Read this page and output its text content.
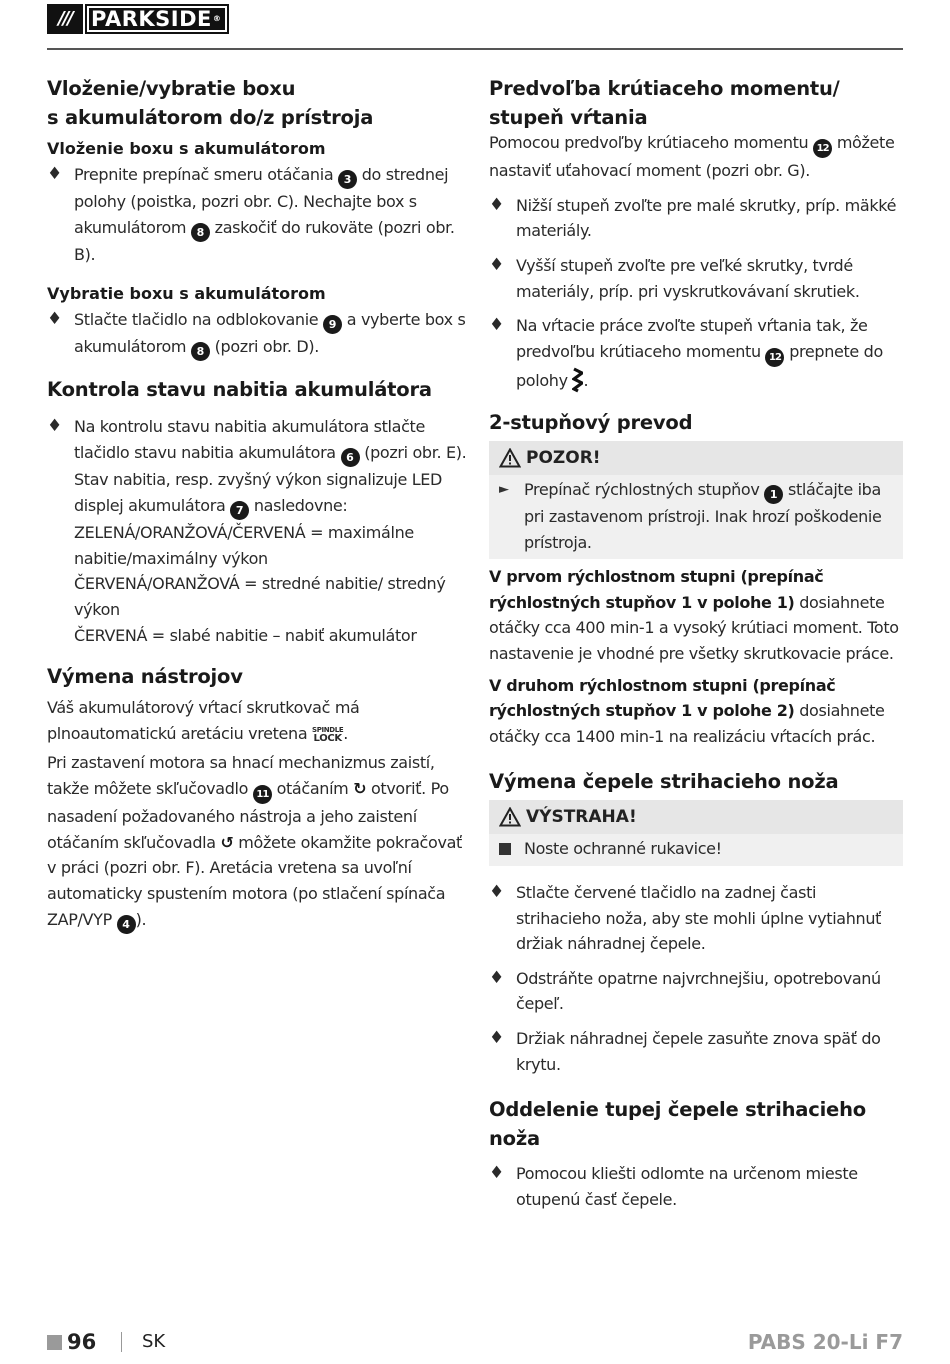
/// PARKSIDE®
Vloženie/vybratie boxu
s akumulátorom do/z prístroja
Vloženie boxu s akumulátorom
♦ Prepnite prepínač smeru otáčania 3 do strednej polohy (poistka, pozri obr. C). Nechajte box s akumulátorom 8 zaskočiť do rukoväte (pozri obr. B).
Vybratie boxu s akumulátorom
♦ Stlačte tlačidlo na odblokovanie 9 a vyberte box s akumulátorom 8 (pozri obr. D).
Kontrola stavu nabitia akumulátora
♦ Na kontrolu stavu nabitia akumulátora stlačte tlačidlo stavu nabitia akumulátora 6 (pozri obr. E). Stav nabitia, resp. zvyšný výkon signalizuje LED displej akumulátora 7 nasledovne:
ZELENÁ/ORANŽOVÁ/ČERVENÁ = maximálne nabitie/maximálny výkon
ČERVENÁ/ORANŽOVÁ = stredné nabitie/ stredný výkon
ČERVENÁ = slabé nabitie – nabiť akumulátor
Výmena nástrojov

Váš akumulátorový vŕtací skrutkovač má plnoautomatickú aretáciu vretena SPINDLE
LOCK .

Pri zastavení motora sa hnací mechanizmus zaistí, takže môžete skľučovadlo 11 otáčaním ↻ otvoriť. Po nasadení požadovaného nástroja a jeho zaistení otáčaním skľučovadla ↺ môžete okamžite pokračovať v práci (pozri obr. F). Aretácia vretena sa uvoľní automaticky spustením motora (po stlačení spínača ZAP/VYP 4 ).

Predvoľba krútiaceho momentu/
stupeň vŕtania

Pomocou predvoľby krútiaceho momentu 12 môžete nastaviť uťahovací moment (pozri obr. G).

♦ Nižší stupeň zvoľte pre malé skrutky, príp. mäkké materiály.
♦ Vyšší stupeň zvoľte pre veľké skrutky, tvrdé materiály, príp. pri vyskrutkovávaní skrutiek.
♦ Na vŕtacie práce zvoľte stupeň vŕtania tak, že predvoľbu krútiaceho momentu 12 prepnete do polohy .
2-stupňový prevod
POZOR!
► Prepínač rýchlostných stupňov 1 stláčajte iba pri zastavenom prístroji. Inak hrozí poškodenie prístroja.

V prvom rýchlostnom stupni (prepínač rýchlostných stupňov 1 v polohe 1) dosiahnete otáčky cca 400 min-1 a vysoký krútiaci moment. Toto nastavenie je vhodné pre všetky skrutkovacie práce.

V druhom rýchlostnom stupni (prepínač rýchlostných stupňov 1 v polohe 2) dosiahnete otáčky cca 1400 min-1 na realizáciu vŕtacích prác.

Výmena čepele strihacieho noža
VÝSTRAHA!
Noste ochranné rukavice!
♦ Stlačte červené tlačidlo na zadnej časti strihacieho noža, aby ste mohli úplne vytiahnuť držiak náhradnej čepele.
♦ Odstráňte opatrne najvrchnejšiu, opotrebovanú čepeľ.
♦ Držiak náhradnej čepele zasuňte znova späť do krytu.
Oddelenie tupej čepele strihacieho
noža
♦ Pomocou kliešti odlomte na určenom mieste otupenú časť čepele.
96	SK	PABS 20-Li F7
